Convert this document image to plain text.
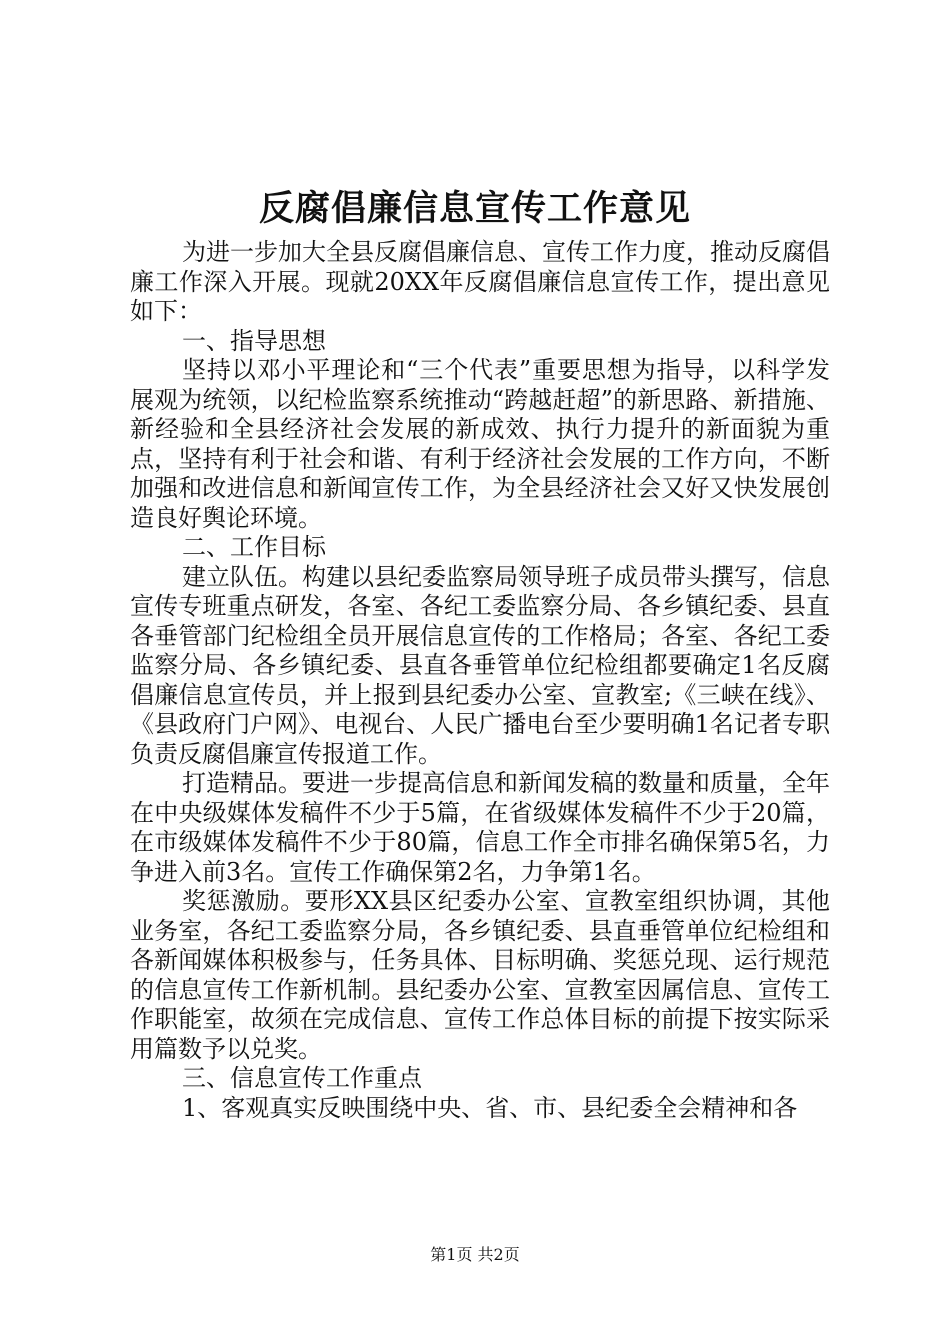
反腐倡廉信息宣传工作意见

为进一步加大全县反腐倡廉信息、宣传工作力度，推动反腐倡廉工作深入开展。现就20XX年反腐倡廉信息宣传工作，提出意见如下：

一、指导思想

坚持以邓小平理论和“三个代表”重要思想为指导，以科学发展观为统领，以纪检监察系统推动“跨越赶超”的新思路、新措施、新经验和全县经济社会发展的新成效、执行力提升的新面貌为重点，坚持有利于社会和谐、有利于经济社会发展的工作方向，不断加强和改进信息和新闻宣传工作，为全县经济社会又好又快发展创造良好舆论环境。

二、工作目标

建立队伍。构建以县纪委监察局领导班子成员带头撰写，信息宣传专班重点研发，各室、各纪工委监察分局、各乡镇纪委、县直各垂管部门纪检组全员开展信息宣传的工作格局；各室、各纪工委监察分局、各乡镇纪委、县直各垂管单位纪检组都要确定1名反腐倡廉信息宣传员，并上报到县纪委办公室、宣教室;《三峡在线》、《县政府门户网》、电视台、人民广播电台至少要明确1名记者专职负责反腐倡廉宣传报道工作。

打造精品。要进一步提高信息和新闻发稿的数量和质量，全年在中央级媒体发稿件不少于5篇，在省级媒体发稿件不少于20篇，在市级媒体发稿件不少于80篇，信息工作全市排名确保第5名，力争进入前3名。宣传工作确保第2名，力争第1名。

奖惩激励。要形XX县区纪委办公室、宣教室组织协调，其他业务室，各纪工委监察分局，各乡镇纪委、县直垂管单位纪检组和各新闻媒体积极参与，任务具体、目标明确、奖惩兑现、运行规范的信息宣传工作新机制。县纪委办公室、宣教室因属信息、宣传工作职能室，故须在完成信息、宣传工作总体目标的前提下按实际采用篇数予以兑奖。

三、信息宣传工作重点

1、客观真实反映围绕中央、省、市、县纪委全会精神和各

第1页 共2页
